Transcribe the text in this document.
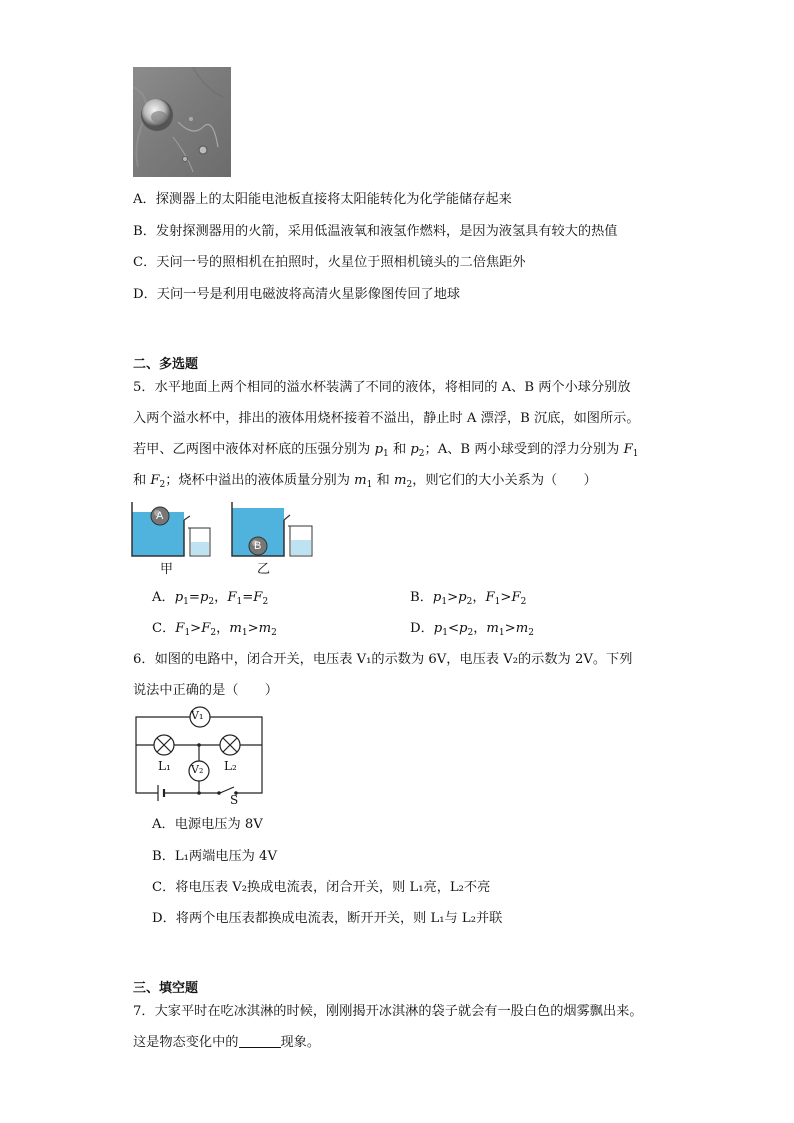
A．探测器上的太阳能电池板直接将太阳能转化为化学能储存起来
B．发射探测器用的火箭，采用低温液氧和液氢作燃料，是因为液氢具有较大的热值
C．天问一号的照相机在拍照时，火星位于照相机镜头的二倍焦距外
D．天问一号是利用电磁波将高清火星影像图传回了地球
二、多选题
5．水平地面上两个相同的溢水杯装满了不同的液体，将相同的 A、B 两个小球分别放
入两个溢水杯中，排出的液体用烧杯接着不溢出，静止时 A 漂浮，B 沉底，如图所示。
若甲、乙两图中液体对杯底的压强分别为 $p_1$ 和 $p_2$；A、B 两小球受到的浮力分别为 $F_1$
和 $F_2$；烧杯中溢出的液体质量分别为 $m_1$ 和 $m_2$，则它们的大小关系为（　　）
A
B
甲	乙
A．$p_1=p_2$，$F_1=F_2$	B．$p_1>p_2$，$F_1>F_2$
C．$F_1>F_2$，$m_1>m_2$	D．$p_1<p_2$，$m_1>m_2$
6．如图的电路中，闭合开关，电压表 V₁的示数为 6V，电压表 V₂的示数为 2V。下列
说法中正确的是（　　）
V₁
V₂
L₁	L₂
S
A．电源电压为 8V
B．L₁两端电压为 4V
C．将电压表 V₂换成电流表，闭合开关，则 L₁亮，L₂不亮
D．将两个电压表都换成电流表，断开开关，则 L₁与 L₂并联
三、填空题
7．大家平时在吃冰淇淋的时候，刚刚揭开冰淇淋的袋子就会有一股白色的烟雾飘出来。
这是物态变化中的	现象。
